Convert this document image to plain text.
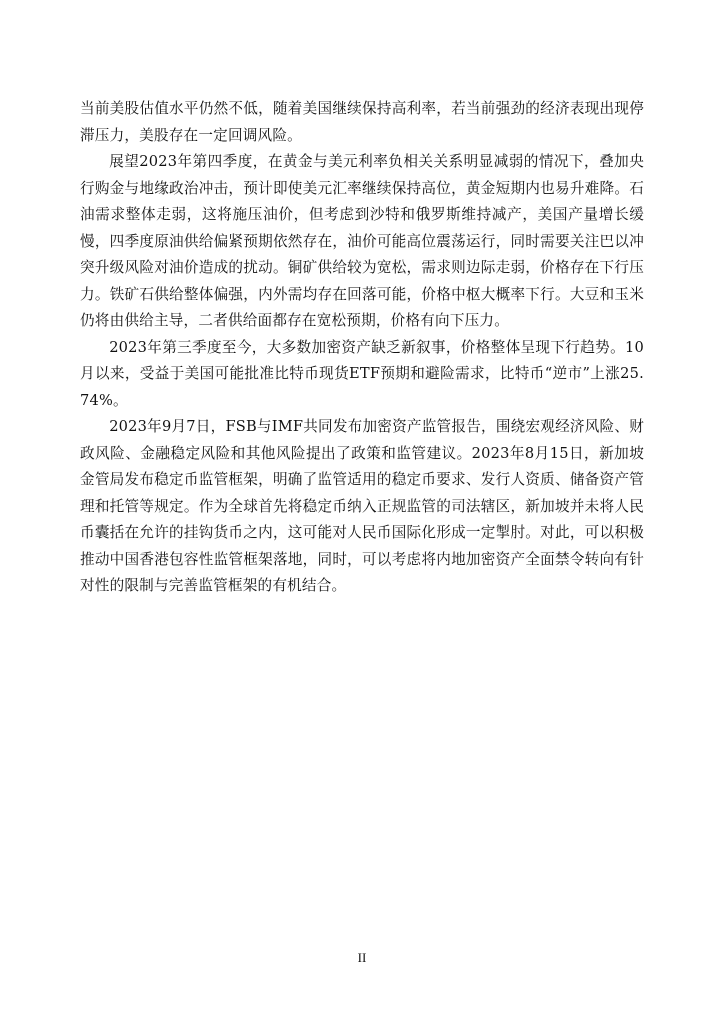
当前美股估值水平仍然不低，随着美国继续保持高利率，若当前强劲的经济表现出现停滞压力，美股存在一定回调风险。

展望2023年第四季度，在黄金与美元利率负相关关系明显减弱的情况下，叠加央行购金与地缘政治冲击，预计即使美元汇率继续保持高位，黄金短期内也易升难降。石油需求整体走弱，这将施压油价，但考虑到沙特和俄罗斯维持减产，美国产量增长缓慢，四季度原油供给偏紧预期依然存在，油价可能高位震荡运行，同时需要关注巴以冲突升级风险对油价造成的扰动。铜矿供给较为宽松，需求则边际走弱，价格存在下行压力。铁矿石供给整体偏强，内外需均存在回落可能，价格中枢大概率下行。大豆和玉米仍将由供给主导，二者供给面都存在宽松预期，价格有向下压力。

2023年第三季度至今，大多数加密资产缺乏新叙事，价格整体呈现下行趋势。10月以来，受益于美国可能批准比特币现货ETF预期和避险需求，比特币“逆市”上涨25.74%。

2023年9月7日，FSB与IMF共同发布加密资产监管报告，围绕宏观经济风险、财政风险、金融稳定风险和其他风险提出了政策和监管建议。2023年8月15日，新加坡金管局发布稳定币监管框架，明确了监管适用的稳定币要求、发行人资质、储备资产管理和托管等规定。作为全球首先将稳定币纳入正规监管的司法辖区，新加坡并未将人民币囊括在允许的挂钩货币之内，这可能对人民币国际化形成一定掣肘。对此，可以积极推动中国香港包容性监管框架落地，同时，可以考虑将内地加密资产全面禁令转向有针对性的限制与完善监管框架的有机结合。

II
